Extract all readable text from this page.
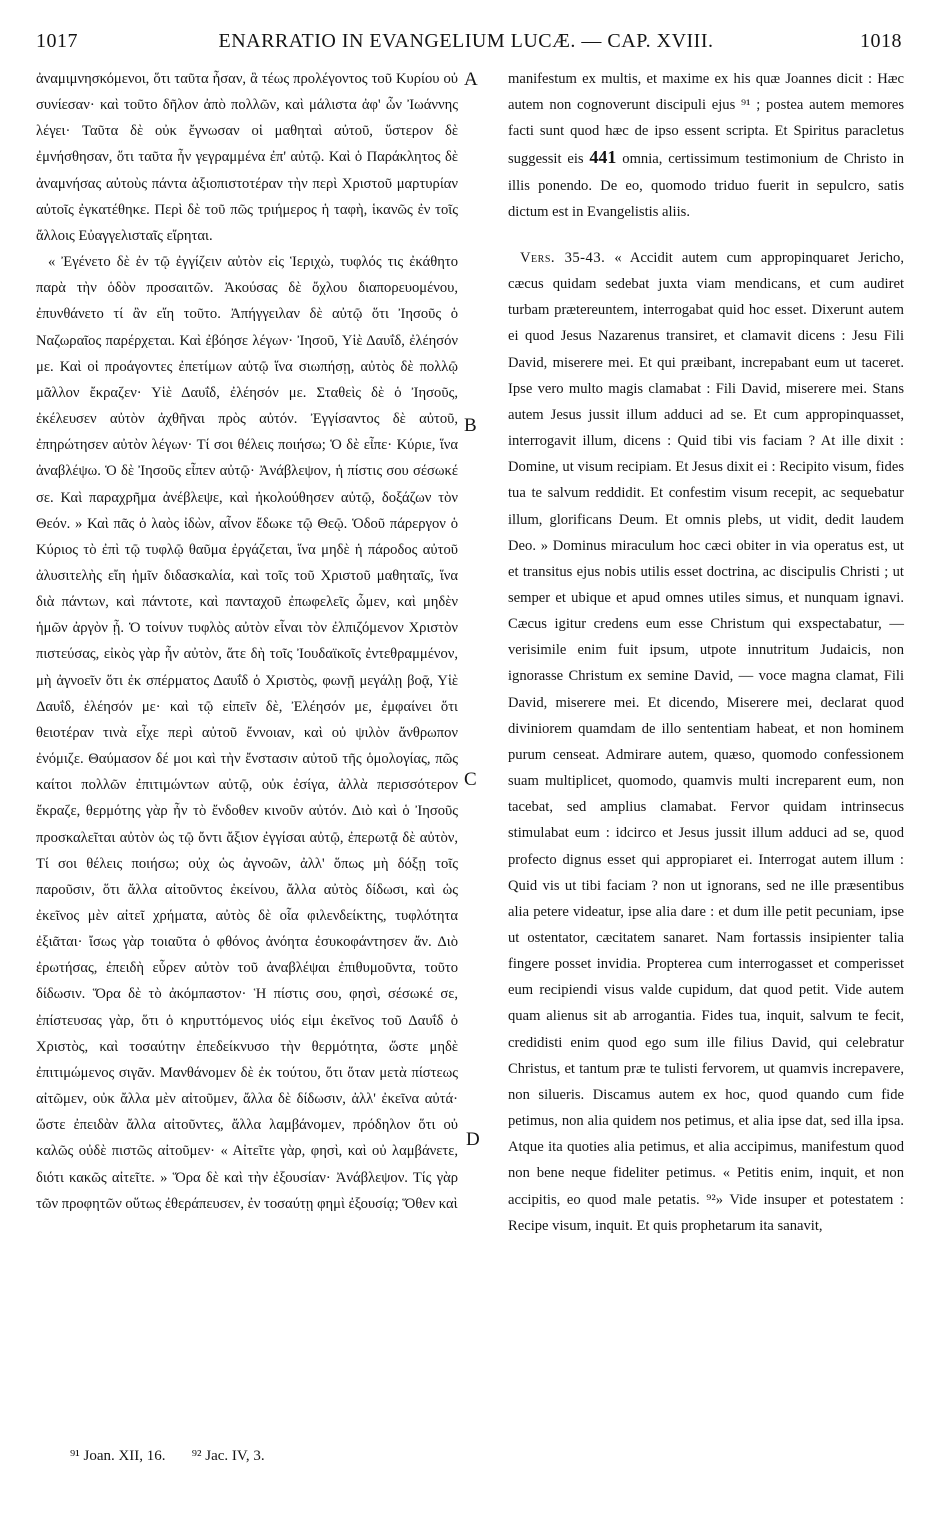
ENARRATIO IN EVANGELIUM LUCÆ. — CAP. XVIII.
1017	1018

ἀναμιμνησκόμενοι, ὅτι ταῦτα ἦσαν, ἃ τέως προλέγοντος τοῦ Κυρίου οὐ συνίεσαν· καὶ τοῦτο δῆλον ἀπὸ πολλῶν, καὶ μάλιστα ἀφ' ὧν Ἰωάννης λέγει· Ταῦτα δὲ οὐκ ἔγνωσαν οἱ μαθηταὶ αὐτοῦ, ὕστερον δὲ ἐμνήσθησαν, ὅτι ταῦτα ἦν γεγραμμένα ἐπ' αὐτῷ. Καὶ ὁ Παράκλητος δὲ ἀναμνήσας αὐτοὺς πάντα ἀξιοπιστοτέραν τὴν περὶ Χριστοῦ μαρτυρίαν αὐτοῖς ἐγκατέθηκε. Περὶ δὲ τοῦ πῶς τριήμερος ἡ ταφὴ, ἱκανῶς ἐν τοῖς ἄλλοις Εὐαγγελισταῖς εἴρηται.

« Ἐγένετο δὲ ἐν τῷ ἐγγίζειν αὐτὸν εἰς Ἱεριχὼ, τυφλός τις ἐκάθητο παρὰ τὴν ὁδὸν προσαιτῶν. Ἀκούσας δὲ ὄχλου διαπορευομένου, ἐπυνθάνετο τί ἂν εἴη τοῦτο. Ἀπήγγειλαν δὲ αὐτῷ ὅτι Ἰησοῦς ὁ Ναζωραῖος παρέρχεται. Καὶ ἐβόησε λέγων· Ἰησοῦ, Υἱὲ Δαυΐδ, ἐλέησόν με. Καὶ οἱ προάγοντες ἐπετίμων αὐτῷ ἵνα σιωπήσῃ, αὐτὸς δὲ πολλῷ μᾶλλον ἔκραζεν· Υἱὲ Δαυΐδ, ἐλέησόν με. Σταθεὶς δὲ ὁ Ἰησοῦς, ἐκέλευσεν αὐτὸν ἀχθῆναι πρὸς αὐτόν. Ἐγγίσαντος δὲ αὐτοῦ, ἐπηρώτησεν αὐτὸν λέγων· Τί σοι θέλεις ποιήσω; Ὁ δὲ εἶπε· Κύριε, ἵνα ἀναβλέψω. Ὁ δὲ Ἰησοῦς εἶπεν αὐτῷ· Ἀνάβλεψον, ἡ πίστις σου σέσωκέ σε. Καὶ παραχρῆμα ἀνέβλεψε, καὶ ἠκολούθησεν αὐτῷ, δοξάζων τὸν Θεόν. » Καὶ πᾶς ὁ λαὸς ἰδὼν, αἶνον ἔδωκε τῷ Θεῷ. Ὁδοῦ πάρεργον ὁ Κύριος τὸ ἐπὶ τῷ τυφλῷ θαῦμα ἐργάζεται, ἵνα μηδὲ ἡ πάροδος αὐτοῦ ἀλυσιτελὴς εἴη ἡμῖν διδασκαλία, καὶ τοῖς τοῦ Χριστοῦ μαθηταῖς, ἵνα διὰ πάντων, καὶ πάντοτε, καὶ πανταχοῦ ἐπωφελεῖς ὦμεν, καὶ μηδὲν ἡμῶν ἀργὸν ᾖ. Ὁ τοίνυν τυφλὸς αὐτὸν εἶναι τὸν ἐλπιζόμενον Χριστὸν πιστεύσας, εἰκὸς γὰρ ἦν αὐτὸν, ἅτε δὴ τοῖς Ἰουδαϊκοῖς ἐντεθραμμένον, μὴ ἀγνοεῖν ὅτι ἐκ σπέρματος Δαυΐδ ὁ Χριστὸς, φωνῇ μεγάλῃ βοᾷ, Υἱὲ Δαυΐδ, ἐλέησόν με· καὶ τῷ εἰπεῖν δὲ, Ἐλέησόν με, ἐμφαίνει ὅτι θειοτέραν τινὰ εἶχε περὶ αὐτοῦ ἔννοιαν, καὶ οὐ ψιλὸν ἄνθρωπον ἐνόμιζε. Θαύμασον δέ μοι καὶ τὴν ἔνστασιν αὐτοῦ τῆς ὁμολογίας, πῶς καίτοι πολλῶν ἐπιτιμώντων αὐτῷ, οὐκ ἐσίγα, ἀλλὰ περισσότερον ἔκραζε, θερμότης γὰρ ἦν τὸ ἔνδοθεν κινοῦν αὐτόν. Διὸ καὶ ὁ Ἰησοῦς προσκαλεῖται αὐτὸν ὡς τῷ ὄντι ἄξιον ἐγγίσαι αὐτῷ, ἐπερωτᾷ δὲ αὐτὸν, Τί σοι θέλεις ποιήσω; οὐχ ὡς ἀγνοῶν, ἀλλ' ὅπως μὴ δόξῃ τοῖς παροῦσιν, ὅτι ἄλλα αἰτοῦντος ἐκείνου, ἄλλα αὐτὸς δίδωσι, καὶ ὡς ἐκεῖνος μὲν αἰτεῖ χρήματα, αὐτὸς δὲ οἷα φιλενδείκτης, τυφλότητα ἐξιᾶται· ἴσως γὰρ τοιαῦτα ὁ φθόνος ἀνόητα ἐσυκοφάντησεν ἄν. Διὸ ἐρωτήσας, ἐπειδὴ εὗρεν αὐτὸν τοῦ ἀναβλέψαι ἐπιθυμοῦντα, τοῦτο δίδωσιν. Ὅρα δὲ τὸ ἀκόμπαστον· Ἡ πίστις σου, φησὶ, σέσωκέ σε, ἐπίστευσας γὰρ, ὅτι ὁ κηρυττόμενος υἱός εἰμι ἐκεῖνος τοῦ Δαυΐδ ὁ Χριστὸς, καὶ τοσαύτην ἐπεδείκνυσο τὴν θερμότητα, ὥστε μηδὲ ἐπιτιμώμενος σιγᾶν. Μανθάνομεν δὲ ἐκ τούτου, ὅτι ὅταν μετὰ πίστεως αἰτῶμεν, οὐκ ἄλλα μὲν αἰτοῦμεν, ἄλλα δὲ δίδωσιν, ἀλλ' ἐκεῖνα αὐτά· ὥστε ἐπειδὰν ἄλλα αἰτοῦντες, ἄλλα λαμβάνομεν, πρόδηλον ὅτι οὐ καλῶς οὐδὲ πιστῶς αἰτοῦμεν· « Αἰτεῖτε γὰρ, φησὶ, καὶ οὐ λαμβάνετε, διότι κακῶς αἰτεῖτε. » Ὅρα δὲ καὶ τὴν ἐξουσίαν· Ἀνάβλεψον. Τίς γὰρ τῶν προφητῶν οὕτως ἐθεράπευσεν, ἐν τοσαύτῃ φημὶ ἐξουσίᾳ; Ὅθεν καὶ

manifestum ex multis, et maxime ex his quæ Joannes dicit : Hæc autem non cognoverunt discipuli ejus ⁹¹ ; postea autem memores facti sunt quod hæc de ipso essent scripta. Et Spiritus paracletus suggessit eis 441 omnia, certissimum testimonium de Christo in illis ponendo. De eo, quomodo triduo fuerit in sepulcro, satis dictum est in Evangelistis aliis.
Vers. 35-43. « Accidit autem cum appropinquaret Jericho, cæcus quidam sedebat juxta viam mendicans, et cum audiret turbam prætereuntem, interrogabat quid hoc esset. Dixerunt autem ei quod Jesus Nazarenus transiret, et clamavit dicens : Jesu Fili David, miserere mei. Et qui præibant, increpabant eum ut taceret. Ipse vero multo magis clamabat : Fili David, miserere mei. Stans autem Jesus jussit illum adduci ad se. Et cum appropinquasset, interrogavit illum, dicens : Quid tibi vis faciam ? At ille dixit : Domine, ut visum recipiam. Et Jesus dixit ei : Recipito visum, fides tua te salvum reddidit. Et confestim visum recepit, ac sequebatur illum, glorificans Deum. Et omnis plebs, ut vidit, dedit laudem Deo. » Dominus miraculum hoc cæci obiter in via operatus est, ut et transitus ejus nobis utilis esset doctrina, ac discipulis Christi ; ut semper et ubique et apud omnes utiles simus, et nunquam ignavi. Cæcus igitur credens eum esse Christum qui exspectabatur, —verisimile enim fuit ipsum, utpote innutritum Judaicis, non ignorasse Christum ex semine David, — voce magna clamat, Fili David, miserere mei. Et dicendo, Miserere mei, declarat quod diviniorem quamdam de illo sententiam habeat, et non hominem purum censeat. Admirare autem, quæso, quomodo confessionem suam multiplicet, quomodo, quamvis multi increparent eum, non tacebat, sed amplius clamabat. Fervor quidam intrinsecus stimulabat eum : idcirco et Jesus jussit illum adduci ad se, quod profecto dignus esset qui appropiaret ei. Interrogat autem illum : Quid vis ut tibi faciam ? non ut ignorans, sed ne ille præsentibus alia petere videatur, ipse alia dare : et dum ille petit pecuniam, ipse ut ostentator, cæcitatem sanaret. Nam fortassis insipienter talia fingere posset invidia. Propterea cum interrogasset et comperisset eum recipiendi visus valde cupidum, dat quod petit. Vide autem quam alienus sit ab arrogantia. Fides tua, inquit, salvum te fecit, credidisti enim quod ego sum ille filius David, qui celebratur Christus, et tantum præ te tulisti fervorem, ut quamvis increpavere, non silueris. Discamus autem ex hoc, quod quando cum fide petimus, non alia quidem nos petimus, et alia ipse dat, sed illa ipsa. Atque ita quoties alia petimus, et alia accipimus, manifestum quod non bene neque fideliter petimus. « Petitis enim, inquit, et non accipitis, eo quod male petatis. ⁹²» Vide insuper et potestatem : Recipe visum, inquit. Et quis prophetarum ita sanavit,
A
B
C
D
⁹¹ Joan. XII, 16. ⁹² Jac. IV, 3.
